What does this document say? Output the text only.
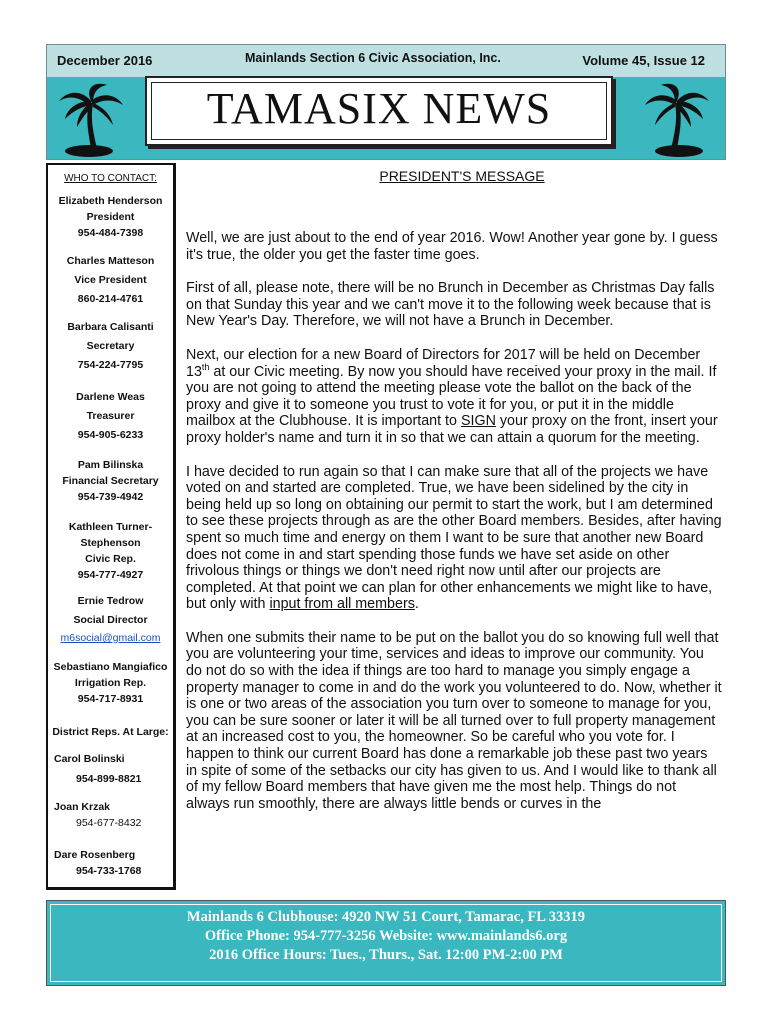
December 2016	Mainlands Section 6 Civic Association, Inc.	Volume 45, Issue 12
TAMASIX NEWS
WHO TO CONTACT:
Elizabeth Henderson
President
954-484-7398
Charles Matteson
Vice President
860-214-4761
Barbara Calisanti
Secretary
754-224-7795
Darlene Weas
Treasurer
954-905-6233
Pam Bilinska
Financial Secretary
954-739-4942
Kathleen Turner-
Stephenson
Civic Rep.
954-777-4927
Ernie Tedrow
Social Director
m6social@gmail.com
Sebastiano Mangiafico
Irrigation Rep.
954-717-8931
District Reps. At Large:
Carol Bolinski
954-899-8821
Joan Krzak
954-677-8432
Dare Rosenberg
954-733-1768
PRESIDENT'S MESSAGE

Well, we are just about to the end of year 2016. Wow! Another year gone by. I guess it's true, the older you get the faster time goes.

First of all, please note, there will be no Brunch in December as Christmas Day falls on that Sunday this year and we can't move it to the following week because that is New Year's Day. Therefore, we will not have a Brunch in December.

Next, our election for a new Board of Directors for 2017 will be held on December 13th at our Civic meeting. By now you should have received your proxy in the mail. If you are not going to attend the meeting please vote the ballot on the back of the proxy and give it to someone you trust to vote it for you, or put it in the middle mailbox at the Clubhouse. It is important to SIGN your proxy on the front, insert your proxy holder's name and turn it in so that we can attain a quorum for the meeting.

I have decided to run again so that I can make sure that all of the projects we have voted on and started are completed. True, we have been sidelined by the city in being held up so long on obtaining our permit to start the work, but I am determined to see these projects through as are the other Board members. Besides, after having spent so much time and energy on them I want to be sure that another new Board does not come in and start spending those funds we have set aside on other frivolous things or things we don't need right now until after our projects are completed. At that point we can plan for other enhancements we might like to have, but only with input from all members.

When one submits their name to be put on the ballot you do so knowing full well that you are volunteering your time, services and ideas to improve our community. You do not do so with the idea if things are too hard to manage you simply engage a property manager to come in and do the work you volunteered to do. Now, whether it is one or two areas of the association you turn over to someone to manage for you, you can be sure sooner or later it will be all turned over to full property management at an increased cost to you, the homeowner. So be careful who you vote for. I happen to think our current Board has done a remarkable job these past two years in spite of some of the setbacks our city has given to us. And I would like to thank all of my fellow Board members that have given me the most help. Things do not always run smoothly, there are always little bends or curves in the

Mainlands 6 Clubhouse: 4920 NW 51 Court, Tamarac, FL 33319
Office Phone: 954-777-3256 Website: www.mainlands6.org
2016 Office Hours: Tues., Thurs., Sat. 12:00 PM-2:00 PM
